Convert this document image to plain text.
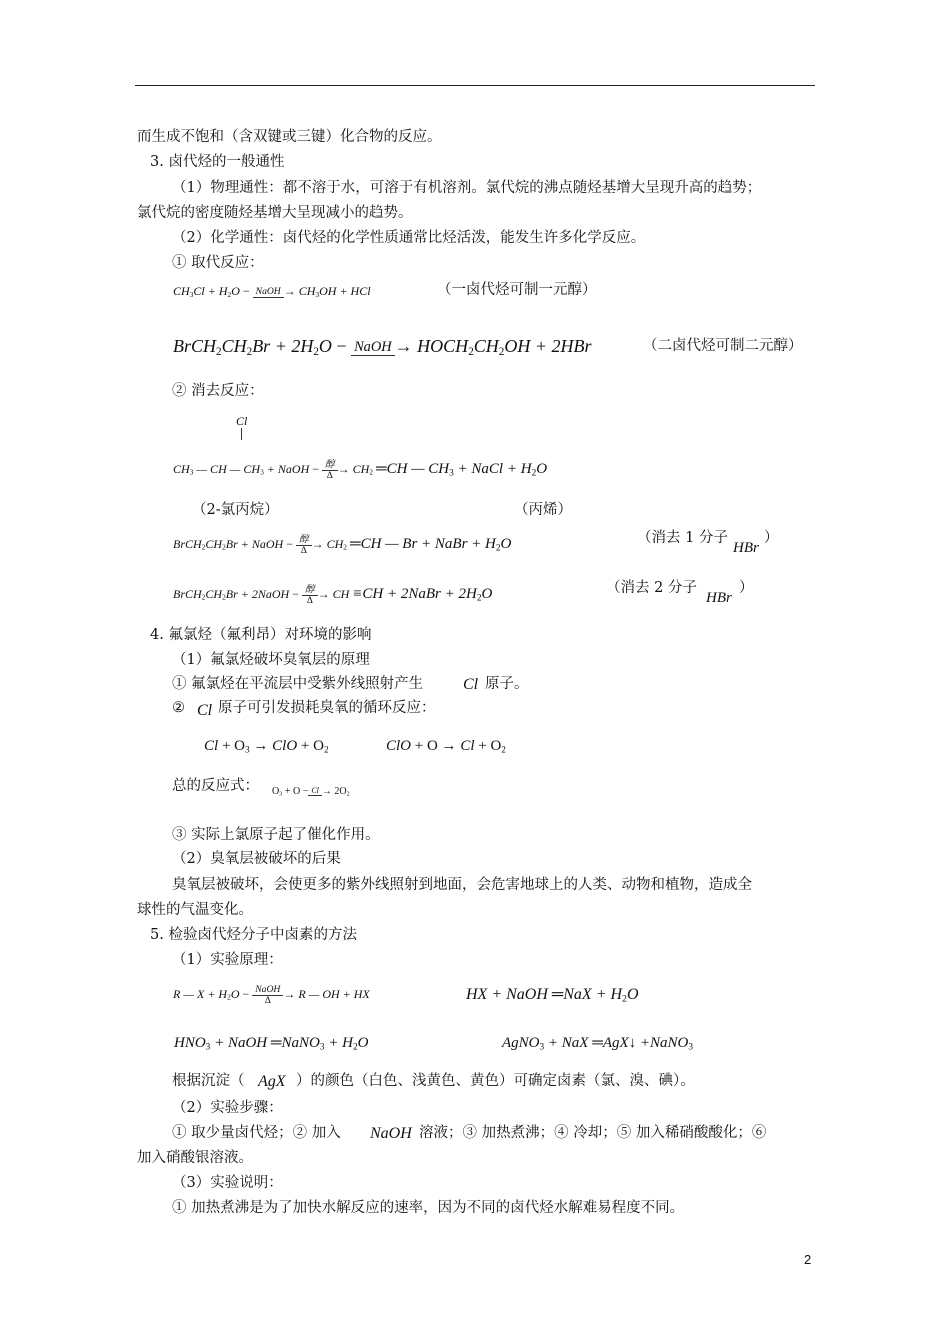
而生成不饱和（含双键或三键）化合物的反应。
3. 卤代烃的一般通性
（1）物理通性：都不溶于水，可溶于有机溶剂。氯代烷的沸点随烃基增大呈现升高的趋势；
氯代烷的密度随烃基增大呈现减小的趋势。
（2）化学通性：卤代烃的化学性质通常比烃活泼，能发生许多化学反应。
① 取代反应：
$CH_3Cl + H_2O$ − NaOH → $CH_3OH$ + HCl	（一卤代烃可制一元醇）
$BrCH_2CH_2Br + 2H_2O$ − NaOH → $HOCH_2CH_2OH + 2HBr$	（二卤代烃可制二元醇）
② 消去反应：
Cl
$CH_3$ — CH — $CH_3$ + NaOH − 醇
$\Delta \to CH_2$ ═CH — $CH_3$ + NaCl + $H_2O$
（2-氯丙烷）	（丙烯）
$BrCH_2CH_2Br$ + NaOH − 醇
$\Delta \to CH_2$ ═CH — Br + NaBr + $H_2O$	（消去 1 分子
HBr
）
$BrCH_2CH_2Br$ + 2NaOH − 醇
Δ → CH ≡CH + 2NaBr + $2H_2O$	（消去 2 分子
HBr
）
4. 氟氯烃（氟利昂）对环境的影响
（1）氟氯烃破坏臭氧层的原理
① 氟氯烃在平流层中受紫外线照射产生 Cl 原子。
② Cl 原子可引发损耗臭氧的循环反应：
$Cl + O_3$ → ClO + $O_2$	ClO + $O \to Cl + O_2$
总的反应式： $O_3 + O - Cl \to 2O_2$
③ 实际上氯原子起了催化作用。
（2）臭氧层被破坏的后果
臭氧层被破坏，会使更多的紫外线照射到地面，会危害地球上的人类、动物和植物，造成全
球性的气温变化。
5. 检验卤代烃分子中卤素的方法
（1）实验原理：
R — $X + H_2O$ − NaOH
Δ	→ R — OH + HX	HX + NaOH ═NaX + $H_2O$
$HNO_3$ + NaOH ═NaNO$_3$ + $H_2O$	AgNO$_3$ + NaX ═AgX↓ +NaNO$_3$
根据沉淀（ AgX ）的颜色（白色、浅黄色、黄色）可确定卤素（氯、溴、碘）。
（2）实验步骤：
① 取少量卤代烃；② 加入 NaOH 溶液；③ 加热煮沸；④ 冷却；⑤ 加入稀硝酸酸化；⑥
加入硝酸银溶液。
（3）实验说明：
① 加热煮沸是为了加快水解反应的速率，因为不同的卤代烃水解难易程度不同。
2
